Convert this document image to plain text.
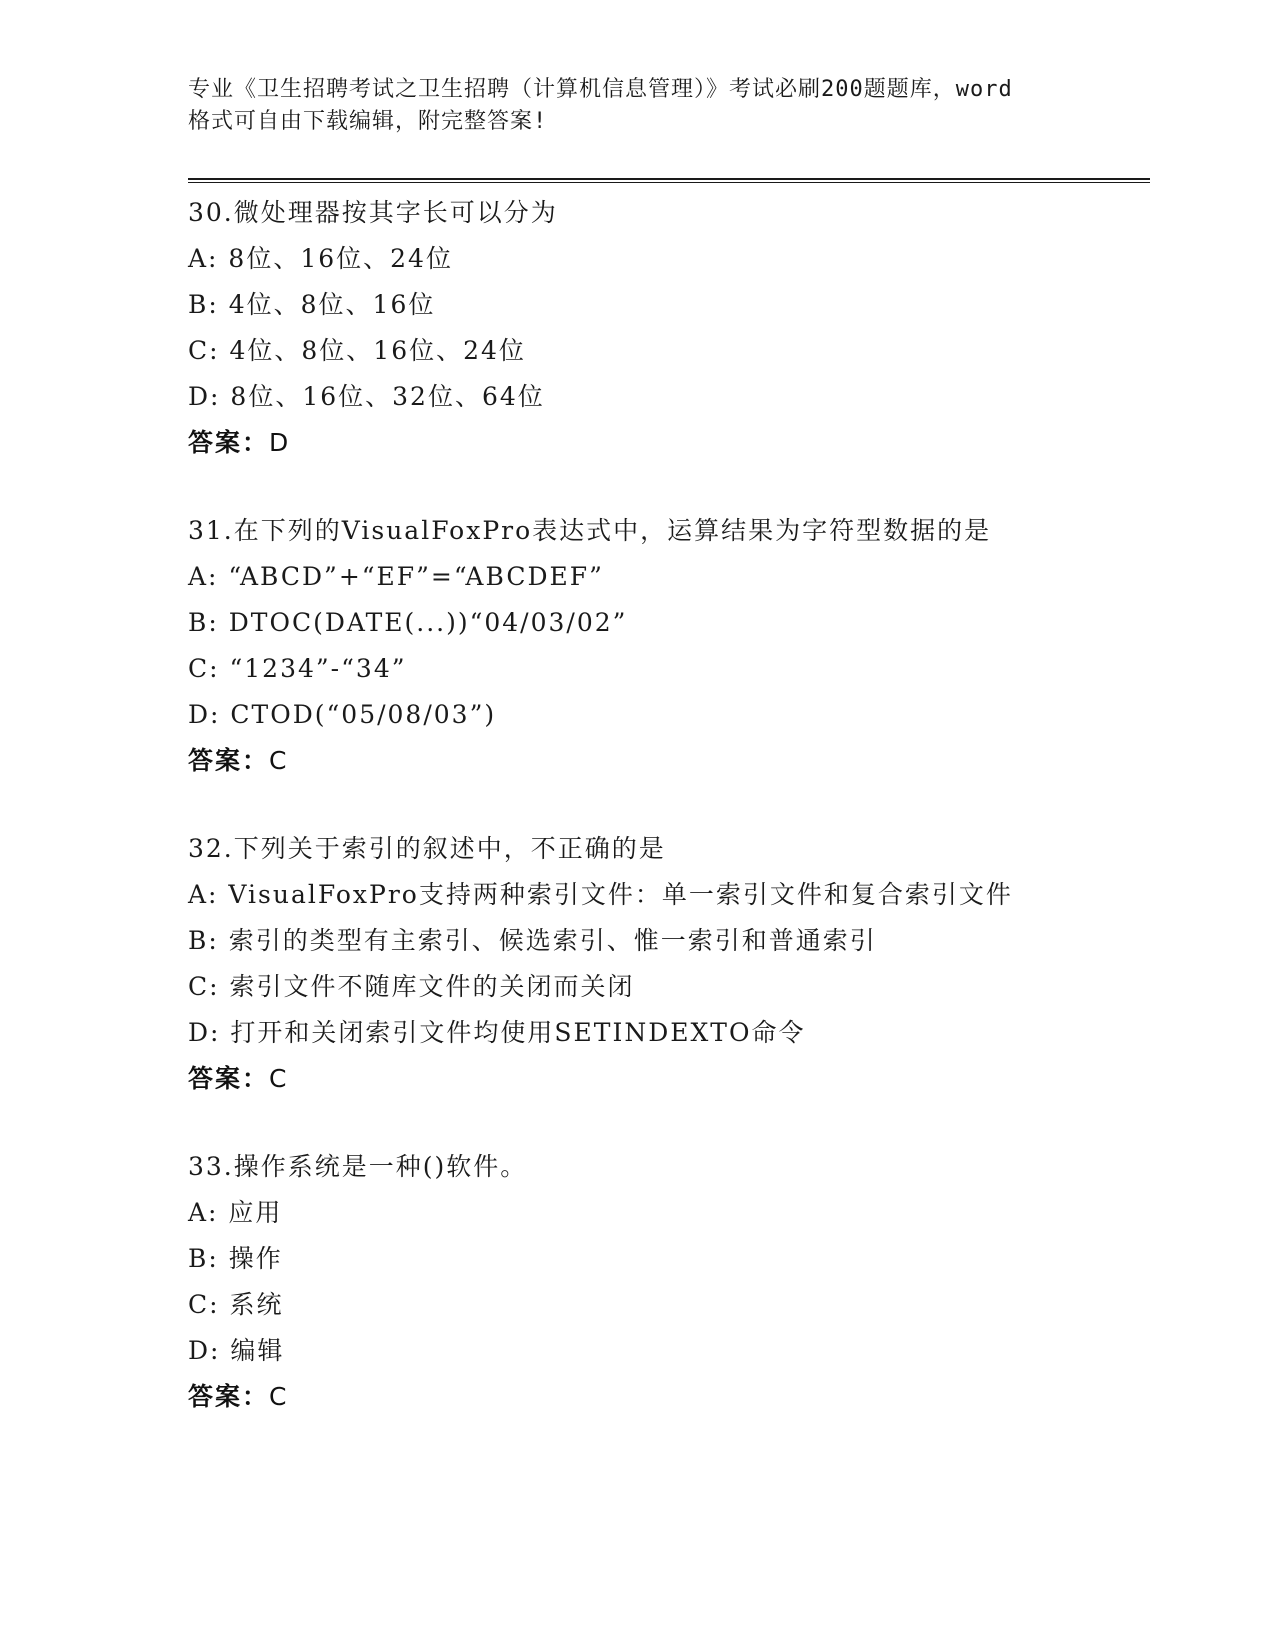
专业《卫生招聘考试之卫生招聘（计算机信息管理）》考试必刷200题题库，word
格式可自由下载编辑，附完整答案!
30.微处理器按其字长可以分为
A: 8位、16位、24位
B: 4位、8位、16位
C: 4位、8位、16位、24位
D: 8位、16位、32位、64位
答案：D
31.在下列的VisualFoxPro表达式中，运算结果为字符型数据的是
A: “ABCD”+“EF”=“ABCDEF”
B: DTOC(DATE(...))“04/03/02”
C: “1234”-“34”
D: CTOD(“05/08/03”)
答案：C
32.下列关于索引的叙述中，不正确的是
A: VisualFoxPro支持两种索引文件：单一索引文件和复合索引文件
B: 索引的类型有主索引、候选索引、惟一索引和普通索引
C: 索引文件不随库文件的关闭而关闭
D: 打开和关闭索引文件均使用SETINDEXTO命令
答案：C
33.操作系统是一种()软件。
A: 应用
B: 操作
C: 系统
D: 编辑
答案：C
